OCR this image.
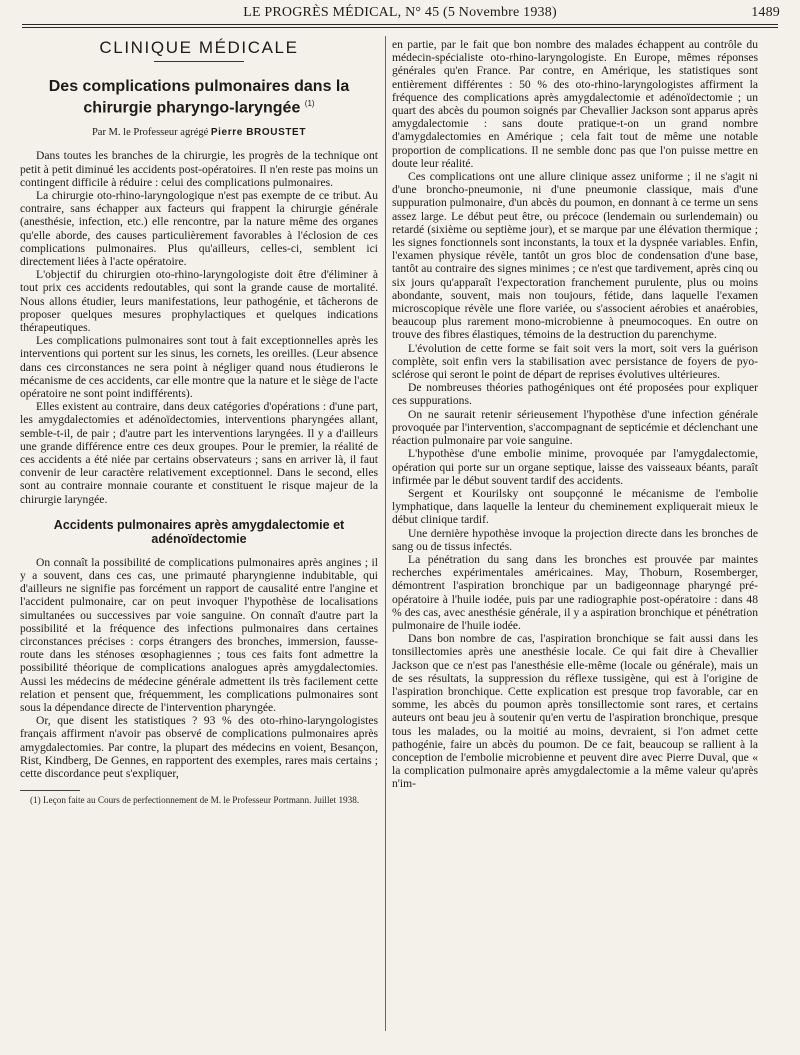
LE PROGRÈS MÉDICAL, N° 45 (5 Novembre 1938)	1489
CLINIQUE MÉDICALE
Des complications pulmonaires dans la chirurgie pharyngo-laryngée $^{(1)}$
Par M. le Professeur agrégé Pierre BROUSTET

Dans toutes les branches de la chirurgie, les progrès de la technique ont petit à petit diminué les accidents post-opératoires. Il n'en reste pas moins un contingent difficile à réduire : celui des complications pulmonaires.

La chirurgie oto-rhino-laryngologique n'est pas exempte de ce tribut. Au contraire, sans échapper aux facteurs qui frappent la chirurgie générale (anesthésie, infection, etc.) elle rencontre, par la nature même des organes qu'elle aborde, des causes particulièrement favorables à l'éclosion de ces complications pulmonaires. Plus qu'ailleurs, celles-ci, semblent ici directement liées à l'acte opératoire.

L'objectif du chirurgien oto-rhino-laryngologiste doit être d'éliminer à tout prix ces accidents redoutables, qui sont la grande cause de mortalité. Nous allons étudier, leurs manifestations, leur pathogénie, et tâcherons de proposer quelques mesures prophylactiques et quelques indications thérapeutiques.

Les complications pulmonaires sont tout à fait exceptionnelles après les interventions qui portent sur les sinus, les cornets, les oreilles. (Leur absence dans ces circonstances ne sera point à négliger quand nous étudierons le mécanisme de ces accidents, car elle montre que la nature et le siège de l'acte opératoire ne sont point indifférents).

Elles existent au contraire, dans deux catégories d'opérations : d'une part, les amygdalectomies et adénoïdectomies, interventions pharyngées allant, semble-t-il, de pair ; d'autre part les interventions laryngées. Il y a d'ailleurs une grande différence entre ces deux groupes. Pour le premier, la réalité de ces accidents a été niée par certains observateurs ; sans en arriver là, il faut convenir de leur caractère relativement exceptionnel. Dans le second, elles sont au contraire monnaie courante et constituent le risque majeur de la chirurgie laryngée.

Accidents pulmonaires après amygdalectomie et adénoïdectomie

On connaît la possibilité de complications pulmonaires après angines ; il y a souvent, dans ces cas, une primauté pharyngienne indubitable, qui d'ailleurs ne signifie pas forcément un rapport de causalité entre l'angine et l'accident pulmonaire, car on peut invoquer l'hypothèse de localisations simultanées ou successives par voie sanguine. On connaît d'autre part la possibilité et la fréquence des infections pulmonaires dans certaines circonstances précises : corps étrangers des bronches, immersion, fausse-route dans les sténoses œsophagiennes ; tous ces faits font admettre la possibilité théorique de complications analogues après amygdalectomies. Aussi les médecins de médecine générale admettent ils très facilement cette relation et pensent que, fréquemment, les complications pulmonaires sont sous la dépendance directe de l'intervention pharyngée.

Or, que disent les statistiques ? 93 % des oto-rhino-laryngologistes français affirment n'avoir pas observé de complications pulmonaires après amygdalectomies. Par contre, la plupart des médecins en voient, Besançon, Rist, Kindberg, De Gennes, en rapportent des exemples, rares mais certains ; cette discordance peut s'expliquer,

(1) Leçon faite au Cours de perfectionnement de M. le Professeur Portmann. Juillet 1938.

en partie, par le fait que bon nombre des malades échappent au contrôle du médecin-spécialiste oto-rhino-laryngologiste. En Europe, mêmes réponses générales qu'en France. Par contre, en Amérique, les statistiques sont entièrement différentes : 50 % des oto-rhino-laryngologistes affirment la fréquence des complications après amygdalectomie et adénoïdectomie ; un quart des abcès du poumon soignés par Chevallier Jackson sont apparus après amygdalectomie : sans doute pratique-t-on un grand nombre d'amygdalectomies en Amérique ; cela fait tout de même une notable proportion de complications. Il ne semble donc pas que l'on puisse mettre en doute leur réalité.

Ces complications ont une allure clinique assez uniforme ; il ne s'agit ni d'une broncho-pneumonie, ni d'une pneumonie classique, mais d'une suppuration pulmonaire, d'un abcès du poumon, en donnant à ce terme un sens assez large. Le début peut être, ou précoce (lendemain ou surlendemain) ou retardé (sixième ou septième jour), et se marque par une élévation thermique ; les signes fonctionnels sont inconstants, la toux et la dyspnée variables. Enfin, l'examen physique révèle, tantôt un gros bloc de condensation d'une base, tantôt au contraire des signes minimes ; ce n'est que tardivement, après cinq ou six jours qu'apparaît l'expectoration franchement purulente, plus ou moins abondante, souvent, mais non toujours, fétide, dans laquelle l'examen microscopique révèle une flore variée, ou s'associent aérobies et anaérobies, beaucoup plus rarement mono-microbienne à pneumocoques. En outre on trouve des fibres élastiques, témoins de la destruction du parenchyme.

L'évolution de cette forme se fait soit vers la mort, soit vers la guérison complète, soit enfin vers la stabilisation avec persistance de foyers de pyo-sclérose qui seront le point de départ de reprises évolutives ultérieures.

De nombreuses théories pathogéniques ont été proposées pour expliquer ces suppurations.

On ne saurait retenir sérieusement l'hypothèse d'une infection générale provoquée par l'intervention, s'accompagnant de septicémie et déclenchant une réaction pulmonaire par voie sanguine.

L'hypothèse d'une embolie minime, provoquée par l'amygdalectomie, opération qui porte sur un organe septique, laisse des vaisseaux béants, paraît infirmée par le début souvent tardif des accidents.

Sergent et Kourilsky ont soupçonné le mécanisme de l'embolie lymphatique, dans laquelle la lenteur du cheminement expliquerait mieux le début clinique tardif.

Une dernière hypothèse invoque la projection directe dans les bronches de sang ou de tissus infectés.

La pénétration du sang dans les bronches est prouvée par maintes recherches expérimentales américaines. May, Thoburn, Rosemberger, démontrent l'aspiration bronchique par un badigeonnage pharyngé pré-opératoire à l'huile iodée, puis par une radiographie post-opératoire : dans 48 % des cas, avec anesthésie générale, il y a aspiration bronchique et pénétration pulmonaire de l'huile iodée.

Dans bon nombre de cas, l'aspiration bronchique se fait aussi dans les tonsillectomies après une anesthésie locale. Ce qui fait dire à Chevallier Jackson que ce n'est pas l'anesthésie elle-même (locale ou générale), mais un de ses résultats, la suppression du réflexe tussigène, qui est à l'origine de l'aspiration bronchique. Cette explication est presque trop favorable, car en somme, les abcès du poumon après tonsillectomie sont rares, et certains auteurs ont beau jeu à soutenir qu'en vertu de l'aspiration bronchique, presque tous les malades, ou la moitié au moins, devraient, si l'on admet cette pathogénie, faire un abcès du poumon. De ce fait, beaucoup se rallient à la conception de l'embolie microbienne et peuvent dire avec Pierre Duval, que « la complication pulmonaire après amygdalectomie a la même valeur qu'après n'im-
